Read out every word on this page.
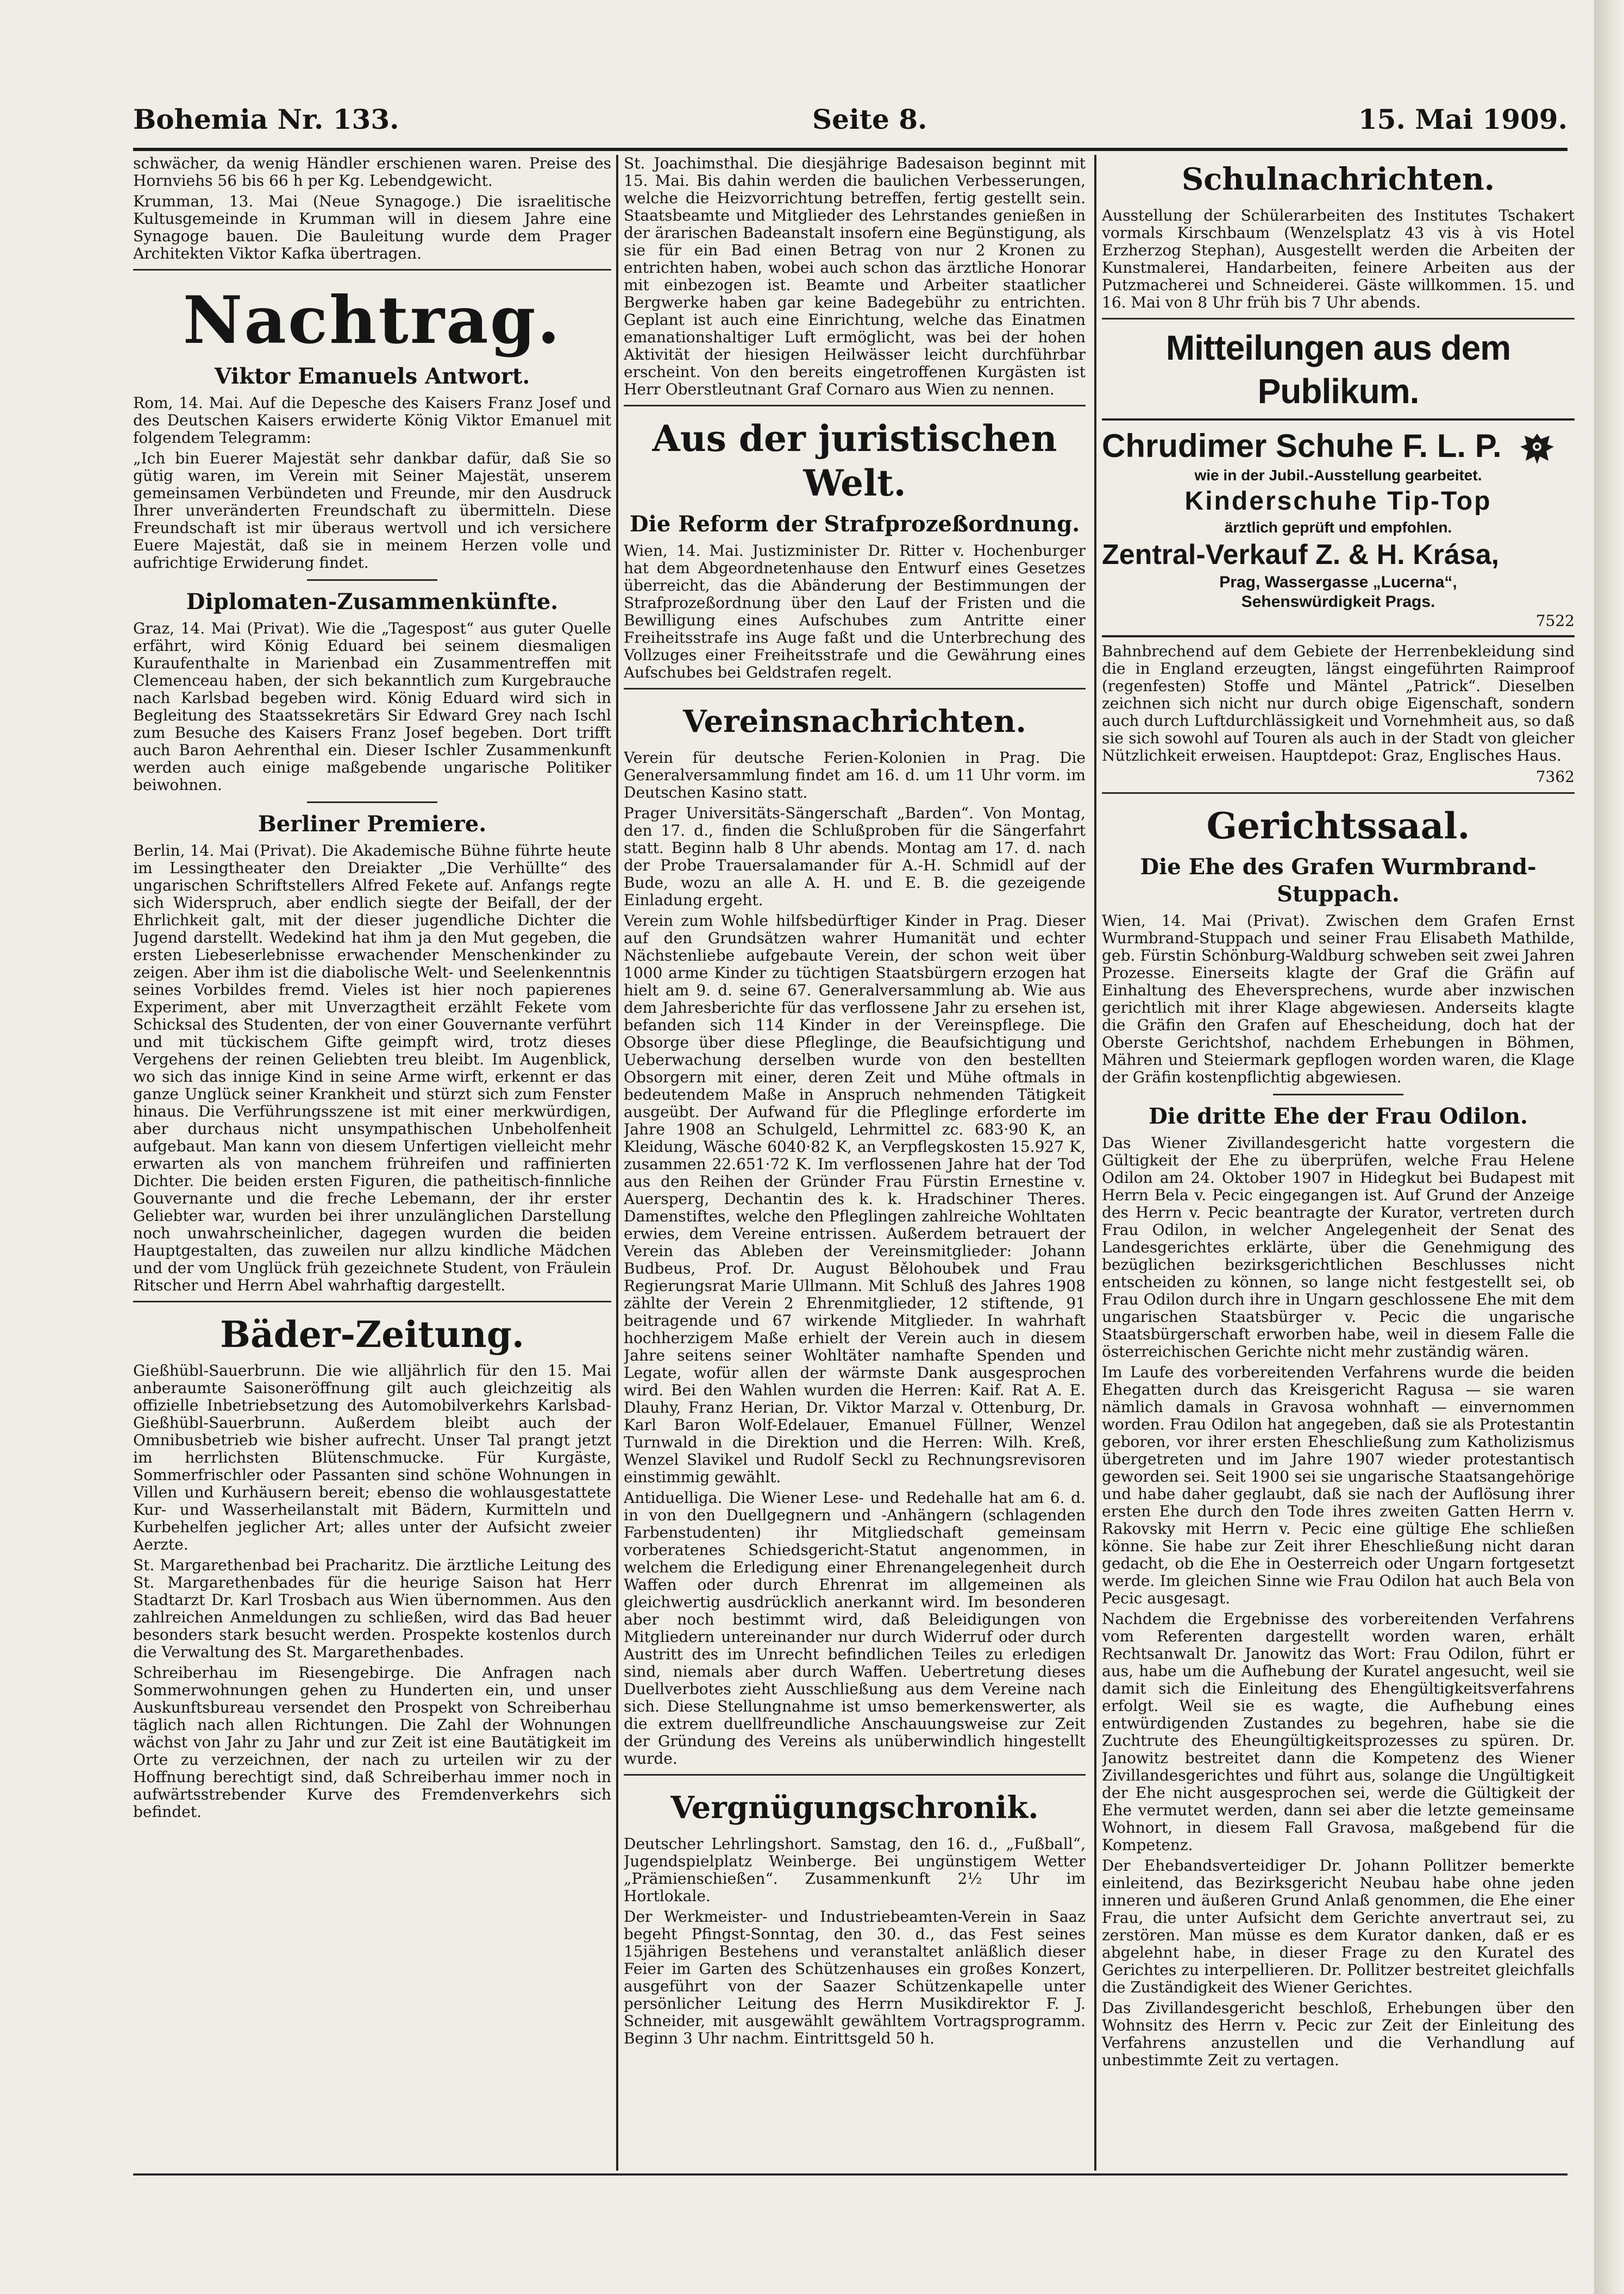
Bohemia Nr. 133.	Seite 8.	15. Mai 1909.

schwächer, da wenig Händler erschienen waren. Preise des Hornviehs 56 bis 66 h per Kg. Lebendgewicht.

Krumman, 13. Mai (Neue Synagoge.) Die israelitische Kultusgemeinde in Krumman will in diesem Jahre eine Synagoge bauen. Die Bauleitung wurde dem Prager Architekten Viktor Kafka übertragen.

Nachtrag.
Viktor Emanuels Antwort.

Rom, 14. Mai. Auf die Depesche des Kaisers Franz Josef und des Deutschen Kaisers erwiderte König Viktor Emanuel mit folgendem Telegramm:

„Ich bin Euerer Majestät sehr dankbar dafür, daß Sie so gütig waren, im Verein mit Seiner Majestät, unserem gemeinsamen Verbündeten und Freunde, mir den Ausdruck Ihrer unveränderten Freundschaft zu übermitteln. Diese Freundschaft ist mir überaus wertvoll und ich versichere Euere Majestät, daß sie in meinem Herzen volle und aufrichtige Erwiderung findet.

Diplomaten-Zusammenkünfte.

Graz, 14. Mai (Privat). Wie die „Tagespost“ aus guter Quelle erfährt, wird König Eduard bei seinem diesmaligen Kuraufenthalte in Marienbad ein Zusammentreffen mit Clemenceau haben, der sich bekanntlich zum Kurgebrauche nach Karlsbad begeben wird. König Eduard wird sich in Begleitung des Staatssekretärs Sir Edward Grey nach Ischl zum Besuche des Kaisers Franz Josef begeben. Dort trifft auch Baron Aehrenthal ein. Dieser Ischler Zusammenkunft werden auch einige maßgebende ungarische Politiker beiwohnen.

Berliner Premiere.

Berlin, 14. Mai (Privat). Die Akademische Bühne führte heute im Lessingtheater den Dreiakter „Die Verhüllte“ des ungarischen Schriftstellers Alfred Fekete auf. Anfangs regte sich Widerspruch, aber endlich siegte der Beifall, der der Ehrlichkeit galt, mit der dieser jugendliche Dichter die Jugend darstellt. Wedekind hat ihm ja den Mut gegeben, die ersten Liebeserlebnisse erwachender Menschenkinder zu zeigen. Aber ihm ist die diabolische Welt- und Seelenkenntnis seines Vorbildes fremd. Vieles ist hier noch papierenes Experiment, aber mit Unverzagtheit erzählt Fekete vom Schicksal des Studenten, der von einer Gouvernante verführt und mit tückischem Gifte geimpft wird, trotz dieses Vergehens der reinen Geliebten treu bleibt. Im Augenblick, wo sich das innige Kind in seine Arme wirft, erkennt er das ganze Unglück seiner Krankheit und stürzt sich zum Fenster hinaus. Die Verführungsszene ist mit einer merkwürdigen, aber durchaus nicht unsympathischen Unbeholfenheit aufgebaut. Man kann von diesem Unfertigen vielleicht mehr erwarten als von manchem frühreifen und raffinierten Dichter. Die beiden ersten Figuren, die patheitisch-finnliche Gouvernante und die freche Lebemann, der ihr erster Geliebter war, wurden bei ihrer unzulänglichen Darstellung noch unwahrscheinlicher, dagegen wurden die beiden Hauptgestalten, das zuweilen nur allzu kindliche Mädchen und der vom Unglück früh gezeichnete Student, von Fräulein Ritscher und Herrn Abel wahrhaftig dargestellt.

Bäder-Zeitung.

Gießhübl-Sauerbrunn. Die wie alljährlich für den 15. Mai anberaumte Saisoneröffnung gilt auch gleichzeitig als offizielle Inbetriebsetzung des Automobilverkehrs Karlsbad-Gießhübl-Sauerbrunn. Außerdem bleibt auch der Omnibusbetrieb wie bisher aufrecht. Unser Tal prangt jetzt im herrlichsten Blütenschmucke. Für Kurgäste, Sommerfrischler oder Passanten sind schöne Wohnungen in Villen und Kurhäusern bereit; ebenso die wohlausgestattete Kur- und Wasserheilanstalt mit Bädern, Kurmitteln und Kurbehelfen jeglicher Art; alles unter der Aufsicht zweier Aerzte.

St. Margarethenbad bei Pracharitz. Die ärztliche Leitung des St. Margarethenbades für die heurige Saison hat Herr Stadtarzt Dr. Karl Trosbach aus Wien übernommen. Aus den zahlreichen Anmeldungen zu schließen, wird das Bad heuer besonders stark besucht werden. Prospekte kostenlos durch die Verwaltung des St. Margarethenbades.

Schreiberhau im Riesengebirge. Die Anfragen nach Sommerwohnungen gehen zu Hunderten ein, und unser Auskunftsbureau versendet den Prospekt von Schreiberhau täglich nach allen Richtungen. Die Zahl der Wohnungen wächst von Jahr zu Jahr und zur Zeit ist eine Bautätigkeit im Orte zu verzeichnen, der nach zu urteilen wir zu der Hoffnung berechtigt sind, daß Schreiberhau immer noch in aufwärtsstrebender Kurve des Fremdenverkehrs sich befindet.

St. Joachimsthal. Die diesjährige Badesaison beginnt mit 15. Mai. Bis dahin werden die baulichen Verbesserungen, welche die Heizvorrichtung betreffen, fertig gestellt sein. Staatsbeamte und Mitglieder des Lehrstandes genießen in der ärarischen Badeanstalt insofern eine Begünstigung, als sie für ein Bad einen Betrag von nur 2 Kronen zu entrichten haben, wobei auch schon das ärztliche Honorar mit einbezogen ist. Beamte und Arbeiter staatlicher Bergwerke haben gar keine Badegebühr zu entrichten. Geplant ist auch eine Einrichtung, welche das Einatmen emanationshaltiger Luft ermöglicht, was bei der hohen Aktivität der hiesigen Heilwässer leicht durchführbar erscheint. Von den bereits eingetroffenen Kurgästen ist Herr Oberstleutnant Graf Cornaro aus Wien zu nennen.

Aus der juristischen Welt.
Die Reform der Strafprozeßordnung.

Wien, 14. Mai. Justizminister Dr. Ritter v. Hochenburger hat dem Abgeordnetenhause den Entwurf eines Gesetzes überreicht, das die Abänderung der Bestimmungen der Strafprozeßordnung über den Lauf der Fristen und die Bewilligung eines Aufschubes zum Antritte einer Freiheitsstrafe ins Auge faßt und die Unterbrechung des Vollzuges einer Freiheitsstrafe und die Gewährung eines Aufschubes bei Geldstrafen regelt.

Vereinsnachrichten.

Verein für deutsche Ferien-Kolonien in Prag. Die Generalversammlung findet am 16. d. um 11 Uhr vorm. im Deutschen Kasino statt.

Prager Universitäts-Sängerschaft „Barden“. Von Montag, den 17. d., finden die Schlußproben für die Sängerfahrt statt. Beginn halb 8 Uhr abends. Montag am 17. d. nach der Probe Trauersalamander für A.-H. Schmidl auf der Bude, wozu an alle A. H. und E. B. die gezeigende Einladung ergeht.

Verein zum Wohle hilfsbedürftiger Kinder in Prag. Dieser auf den Grundsätzen wahrer Humanität und echter Nächstenliebe aufgebaute Verein, der schon weit über 1000 arme Kinder zu tüchtigen Staatsbürgern erzogen hat hielt am 9. d. seine 67. Generalversammlung ab. Wie aus dem Jahresberichte für das verflossene Jahr zu ersehen ist, befanden sich 114 Kinder in der Vereinspflege. Die Obsorge über diese Pfleglinge, die Beaufsichtigung und Ueberwachung derselben wurde von den bestellten Obsorgern mit einer, deren Zeit und Mühe oftmals in bedeutendem Maße in Anspruch nehmenden Tätigkeit ausgeübt. Der Aufwand für die Pfleglinge erforderte im Jahre 1908 an Schulgeld, Lehrmittel zc. 683·90 K, an Kleidung, Wäsche 6040·82 K, an Verpflegskosten 15.927 K, zusammen 22.651·72 K. Im verflossenen Jahre hat der Tod aus den Reihen der Gründer Frau Fürstin Ernestine v. Auersperg, Dechantin des k. k. Hradschiner Theres. Damenstiftes, welche den Pfleglingen zahlreiche Wohltaten erwies, dem Vereine entrissen. Außerdem betrauert der Verein das Ableben der Vereinsmitglieder: Johann Budbeus, Prof. Dr. August Bělohoubek und Frau Regierungsrat Marie Ullmann. Mit Schluß des Jahres 1908 zählte der Verein 2 Ehrenmitglieder, 12 stiftende, 91 beitragende und 67 wirkende Mitglieder. In wahrhaft hochherzigem Maße erhielt der Verein auch in diesem Jahre seitens seiner Wohltäter namhafte Spenden und Legate, wofür allen der wärmste Dank ausgesprochen wird. Bei den Wahlen wurden die Herren: Kaif. Rat A. E. Dlauhy, Franz Herian, Dr. Viktor Marzal v. Ottenburg, Dr. Karl Baron Wolf-Edelauer, Emanuel Füllner, Wenzel Turnwald in die Direktion und die Herren: Wilh. Kreß, Wenzel Slavikel und Rudolf Seckl zu Rechnungsrevisoren einstimmig gewählt.

Antiduelliga. Die Wiener Lese- und Redehalle hat am 6. d. in von den Duellgegnern und -Anhängern (schlagenden Farbenstudenten) ihr Mitgliedschaft gemeinsam vorberatenes Schiedsgericht-Statut angenommen, in welchem die Erledigung einer Ehrenangelegenheit durch Waffen oder durch Ehrenrat im allgemeinen als gleichwertig ausdrücklich anerkannt wird. Im besonderen aber noch bestimmt wird, daß Beleidigungen von Mitgliedern untereinander nur durch Widerruf oder durch Austritt des im Unrecht befindlichen Teiles zu erledigen sind, niemals aber durch Waffen. Uebertretung dieses Duellverbotes zieht Ausschließung aus dem Vereine nach sich. Diese Stellungnahme ist umso bemerkenswerter, als die extrem duellfreundliche Anschauungsweise zur Zeit der Gründung des Vereins als unüberwindlich hingestellt wurde.

Vergnügungschronik.

Deutscher Lehrlingshort. Samstag, den 16. d., „Fußball“, Jugendspielplatz Weinberge. Bei ungünstigem Wetter „Prämienschießen“. Zusammenkunft 2½ Uhr im Hortlokale.

Der Werkmeister- und Industriebeamten-Verein in Saaz begeht Pfingst-Sonntag, den 30. d., das Fest seines 15jährigen Bestehens und veranstaltet anläßlich dieser Feier im Garten des Schützenhauses ein großes Konzert, ausgeführt von der Saazer Schützenkapelle unter persönlicher Leitung des Herrn Musikdirektor F. J. Schneider, mit ausgewählt gewähltem Vortragsprogramm. Beginn 3 Uhr nachm. Eintrittsgeld 50 h.

Schulnachrichten.

Ausstellung der Schülerarbeiten des Institutes Tschakert vormals Kirschbaum (Wenzelsplatz 43 vis à vis Hotel Erzherzog Stephan), Ausgestellt werden die Arbeiten der Kunstmalerei, Handarbeiten, feinere Arbeiten aus der Putzmacherei und Schneiderei. Gäste willkommen. 15. und 16. Mai von 8 Uhr früh bis 7 Uhr abends.

Mitteilungen aus dem Publikum.
Chrudimer Schuhe F. L. P.
wie in der Jubil.-Ausstellung gearbeitet.
Kinderschuhe Tip-Top
ärztlich geprüft und empfohlen.
Zentral-Verkauf Z. & H. Krása,
Prag, Wassergasse „Lucerna“,
Sehenswürdigkeit Prags.
7522

Bahnbrechend auf dem Gebiete der Herrenbekleidung sind die in England erzeugten, längst eingeführten Raimproof (regenfesten) Stoffe und Mäntel „Patrick“. Dieselben zeichnen sich nicht nur durch obige Eigenschaft, sondern auch durch Luftdurchlässigkeit und Vornehmheit aus, so daß sie sich sowohl auf Touren als auch in der Stadt von gleicher Nützlichkeit erweisen. Hauptdepot: Graz, Englisches Haus.

7362
Gerichtssaal.
Die Ehe des Grafen Wurmbrand-Stuppach.

Wien, 14. Mai (Privat). Zwischen dem Grafen Ernst Wurmbrand-Stuppach und seiner Frau Elisabeth Mathilde, geb. Fürstin Schönburg-Waldburg schweben seit zwei Jahren Prozesse. Einerseits klagte der Graf die Gräfin auf Einhaltung des Eheversprechens, wurde aber inzwischen gerichtlich mit ihrer Klage abgewiesen. Anderseits klagte die Gräfin den Grafen auf Ehescheidung, doch hat der Oberste Gerichtshof, nachdem Erhebungen in Böhmen, Mähren und Steiermark gepflogen worden waren, die Klage der Gräfin kostenpflichtig abgewiesen.

Die dritte Ehe der Frau Odilon.

Das Wiener Zivillandesgericht hatte vorgestern die Gültigkeit der Ehe zu überprüfen, welche Frau Helene Odilon am 24. Oktober 1907 in Hidegkut bei Budapest mit Herrn Bela v. Pecic eingegangen ist. Auf Grund der Anzeige des Herrn v. Pecic beantragte der Kurator, vertreten durch Frau Odilon, in welcher Angelegenheit der Senat des Landesgerichtes erklärte, über die Genehmigung des bezüglichen bezirksgerichtlichen Beschlusses nicht entscheiden zu können, so lange nicht festgestellt sei, ob Frau Odilon durch ihre in Ungarn geschlossene Ehe mit dem ungarischen Staatsbürger v. Pecic die ungarische Staatsbürgerschaft erworben habe, weil in diesem Falle die österreichischen Gerichte nicht mehr zuständig wären.

Im Laufe des vorbereitenden Verfahrens wurde die beiden Ehegatten durch das Kreisgericht Ragusa — sie waren nämlich damals in Gravosa wohnhaft — einvernommen worden. Frau Odilon hat angegeben, daß sie als Protestantin geboren, vor ihrer ersten Eheschließung zum Katholizismus übergetreten und im Jahre 1907 wieder protestantisch geworden sei. Seit 1900 sei sie ungarische Staatsangehörige und habe daher geglaubt, daß sie nach der Auflösung ihrer ersten Ehe durch den Tode ihres zweiten Gatten Herrn v. Rakovsky mit Herrn v. Pecic eine gültige Ehe schließen könne. Sie habe zur Zeit ihrer Eheschließung nicht daran gedacht, ob die Ehe in Oesterreich oder Ungarn fortgesetzt werde. Im gleichen Sinne wie Frau Odilon hat auch Bela von Pecic ausgesagt.

Nachdem die Ergebnisse des vorbereitenden Verfahrens vom Referenten dargestellt worden waren, erhält Rechtsanwalt Dr. Janowitz das Wort: Frau Odilon, führt er aus, habe um die Aufhebung der Kuratel angesucht, weil sie damit sich die Einleitung des Ehengültigkeitsverfahrens erfolgt. Weil sie es wagte, die Aufhebung eines entwürdigenden Zustandes zu begehren, habe sie die Zuchtrute des Eheungültigkeitsprozesses zu spüren. Dr. Janowitz bestreitet dann die Kompetenz des Wiener Zivillandesgerichtes und führt aus, solange die Ungültigkeit der Ehe nicht ausgesprochen sei, werde die Gültigkeit der Ehe vermutet werden, dann sei aber die letzte gemeinsame Wohnort, in diesem Fall Gravosa, maßgebend für die Kompetenz.

Der Ehebandsverteidiger Dr. Johann Pollitzer bemerkte einleitend, das Bezirksgericht Neubau habe ohne jeden inneren und äußeren Grund Anlaß genommen, die Ehe einer Frau, die unter Aufsicht dem Gerichte anvertraut sei, zu zerstören. Man müsse es dem Kurator danken, daß er es abgelehnt habe, in dieser Frage zu den Kuratel des Gerichtes zu interpellieren. Dr. Pollitzer bestreitet gleichfalls die Zuständigkeit des Wiener Gerichtes.

Das Zivillandesgericht beschloß, Erhebungen über den Wohnsitz des Herrn v. Pecic zur Zeit der Einleitung des Verfahrens anzustellen und die Verhandlung auf unbestimmte Zeit zu vertagen.
